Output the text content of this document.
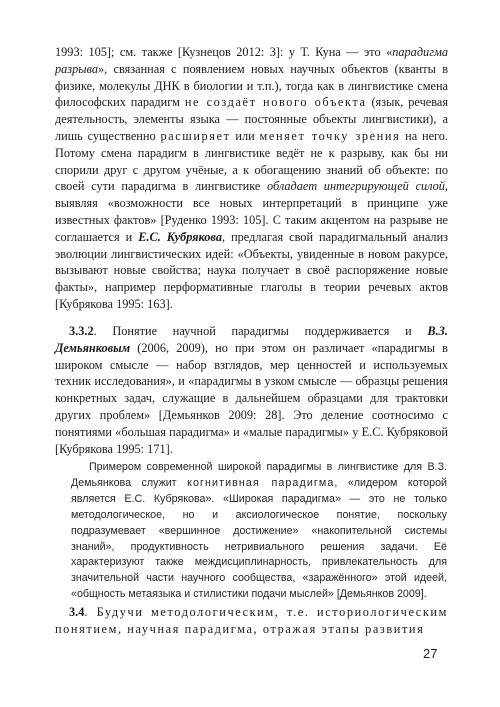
1993: 105]; см. также [Кузнецов 2012: 3]: у Т. Куна — это «парадигма разрыва», связанная с появлением новых научных объектов (кванты в физике, молекулы ДНК в биологии и т.п.), тогда как в лингвистике смена философских парадигм не создаёт нового объекта (язык, речевая деятельность, элементы языка — постоянные объекты лингвистики), а лишь существенно расширяет или меняет точку зрения на него. Потому смена парадигм в лингвистике ведёт не к разрыву, как бы ни спорили друг с другом учёные, а к обогащению знаний об объекте: по своей сути парадигма в лингвистике обладает интегрирующей силой, выявляя «возможности все новых интерпретаций в принципе уже известных фактов» [Руденко 1993: 105]. С таким акцентом на разрыве не соглашается и Е.С. Кубрякова, предлагая свой парадигмальный анализ эволюции лингвистических идей: «Объекты, увиденные в новом ракурсе, вызывают новые свойства; наука получает в своё распоряжение новые факты», например перформативные глаголы в теории речевых актов [Кубрякова 1995: 163].

3.3.2. Понятие научной парадигмы поддерживается и В.З. Демьянковым (2006, 2009), но при этом он различает «парадигмы в широком смысле — набор взглядов, мер ценностей и используемых техник исследования», и «парадигмы в узком смысле — образцы решения конкретных задач, служащие в дальнейшем образцами для трактовки других проблем» [Демьянков 2009: 28]. Это деление соотносимо с понятиями «большая парадигма» и «малые парадигмы» у Е.С. Кубряковой [Кубрякова 1995: 171].

Примером современной широкой парадигмы в лингвистике для В.З. Демьянкова служит когнитивная парадигма, «лидером которой является Е.С. Кубрякова». «Широкая парадигма» — это не только методологическое, но и аксиологическое понятие, поскольку подразумевает «вершинное достижение» «накопительной системы знаний», продуктивность нетривиального решения задачи. Её характеризуют также междисциплинарность, привлекательность для значительной части научного сообщества, «заражённого» этой идеей, «общность метаязыка и стилистики подачи мыслей» [Демьянков 2009].

3.4. Будучи методологическим, т.е. историологическим понятием, научная парадигма, отражая этапы развития

27
